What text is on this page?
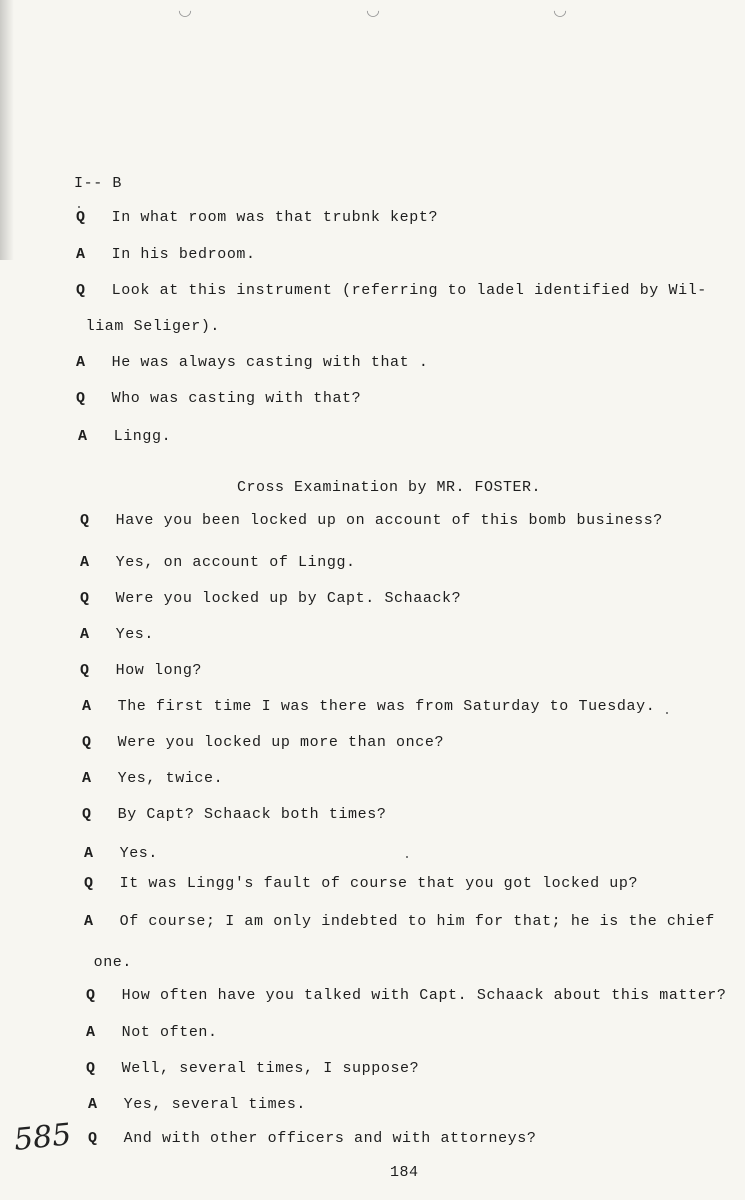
◡	◡	◡
I-- B
Q In what room was that trubnk kept?
A In his bedroom.
Q Look at this instrument (referring to ladel identified by Wil-
liam Seliger).
A He was always casting with that .
Q Who was casting with that?
A Lingg.
Cross Examination by MR. FOSTER.
Q Have you been locked up on account of this bomb business?
A Yes, on account of Lingg.
Q Were you locked up by Capt. Schaack?
A Yes.
Q How long?
A The first time I was there was from Saturday to Tuesday.
Q Were you locked up more than once?
A Yes, twice.
Q By Capt? Schaack both times?
A Yes.
Q It was Lingg's fault of course that you got locked up?
A Of course; I am only indebted to him for that; he is the chief
one.
Q How often have you talked with Capt. Schaack about this matter?
A Not often.
Q Well, several times, I suppose?
A Yes, several times.
Q And with other officers and with attorneys?
585
184
